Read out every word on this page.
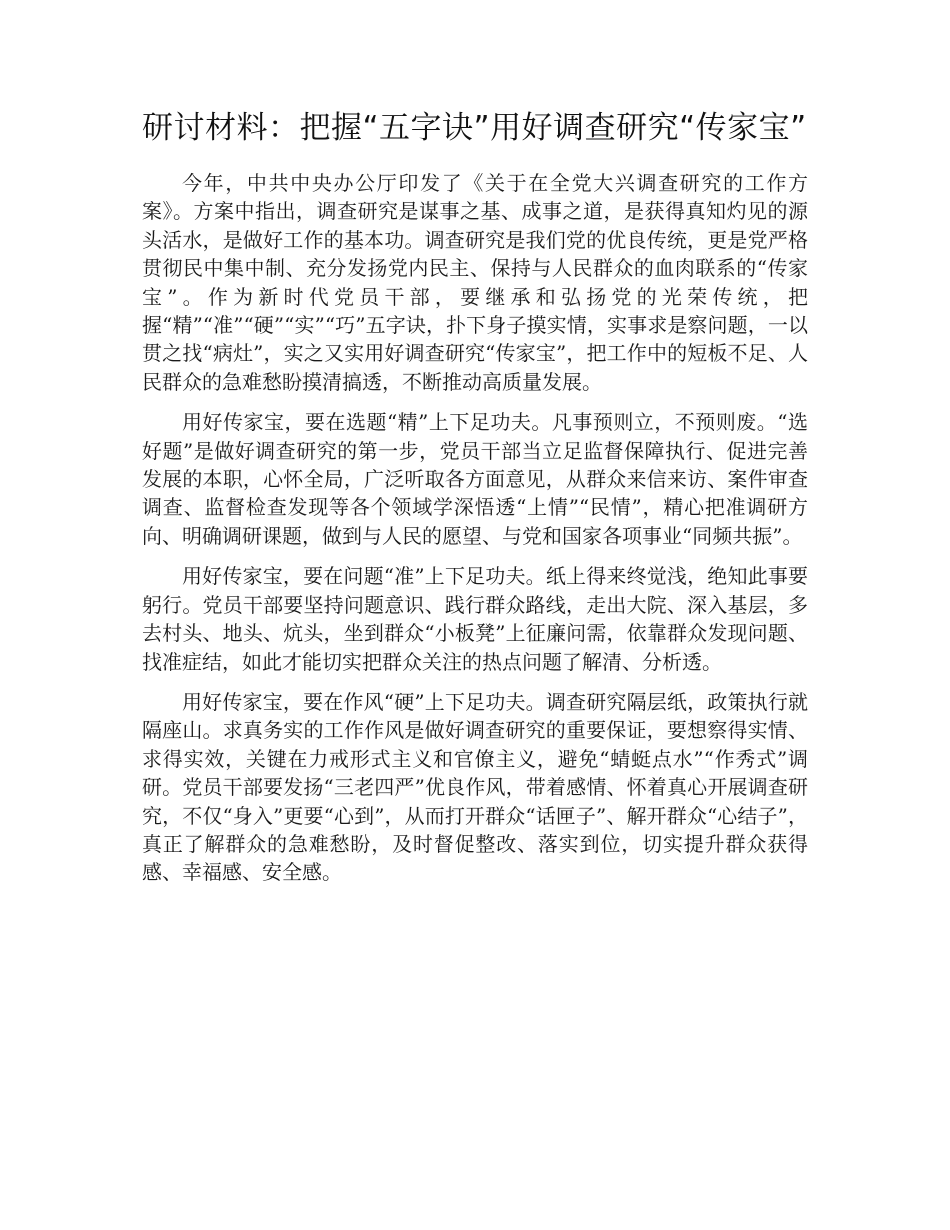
研讨材料：把握“五字诀”用好调查研究“传家宝”

今年，中共中央办公厅印发了《关于在全党大兴调查研究的工作方案》。方案中指出，调查研究是谋事之基、成事之道，是获得真知灼见的源头活水，是做好工作的基本功。调查研究是我们党的优良传统，更是党严格贯彻民中集中制、充分发扬党内民主、保持与人民群众的血肉联系的“传家宝”。作为新时代党员干部，要继承和弘扬党的光荣传统，把握“精”“准”“硬”“实”“巧”五字诀，扑下身子摸实情，实事求是察问题，一以贯之找“病灶”，实之又实用好调查研究“传家宝”，把工作中的短板不足、人民群众的急难愁盼摸清搞透，不断推动高质量发展。

用好传家宝，要在选题“精”上下足功夫。凡事预则立，不预则废。“选好题”是做好调查研究的第一步，党员干部当立足监督保障执行、促进完善发展的本职，心怀全局，广泛听取各方面意见，从群众来信来访、案件审查调查、监督检查发现等各个领域学深悟透“上情”“民情”，精心把准调研方向、明确调研课题，做到与人民的愿望、与党和国家各项事业“同频共振”。

用好传家宝，要在问题“准”上下足功夫。纸上得来终觉浅，绝知此事要躬行。党员干部要坚持问题意识、践行群众路线，走出大院、深入基层，多去村头、地头、炕头，坐到群众“小板凳”上征廉问需，依靠群众发现问题、找准症结，如此才能切实把群众关注的热点问题了解清、分析透。

用好传家宝，要在作风“硬”上下足功夫。调查研究隔层纸，政策执行就隔座山。求真务实的工作作风是做好调查研究的重要保证，要想察得实情、求得实效，关键在力戒形式主义和官僚主义，避免“蜻蜓点水”“作秀式”调研。党员干部要发扬“三老四严”优良作风，带着感情、怀着真心开展调查研究，不仅“身入”更要“心到”，从而打开群众“话匣子”、解开群众“心结子”，真正了解群众的急难愁盼，及时督促整改、落实到位，切实提升群众获得感、幸福感、安全感。
